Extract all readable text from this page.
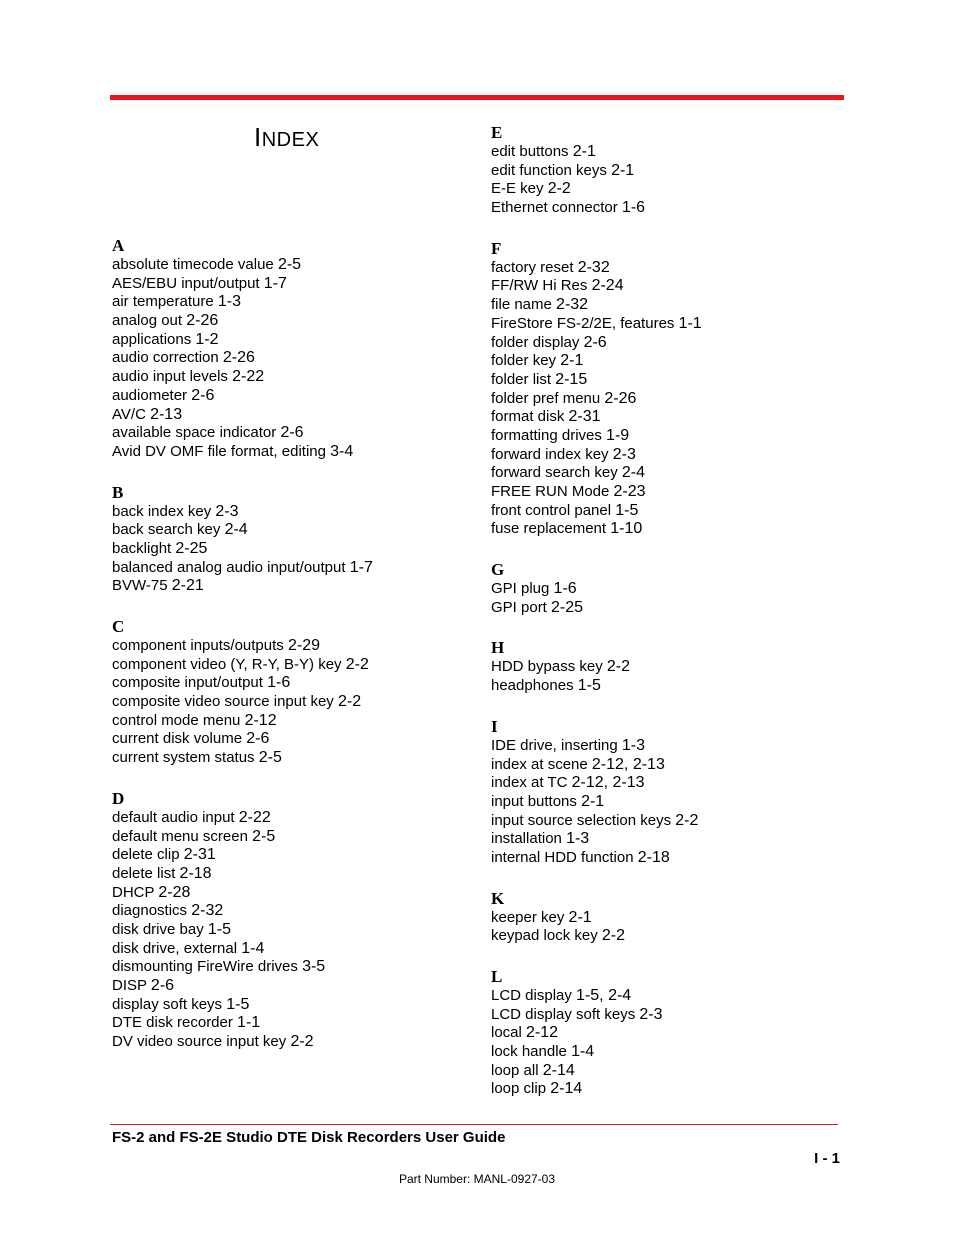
INDEX
A
absolute timecode value 2-5
AES/EBU input/output 1-7
air temperature 1-3
analog out 2-26
applications 1-2
audio correction 2-26
audio input levels 2-22
audiometer 2-6
AV/C 2-13
available space indicator 2-6
Avid DV OMF file format, editing 3-4
B
back index key 2-3
back search key 2-4
backlight 2-25
balanced analog audio input/output 1-7
BVW-75 2-21
C
component inputs/outputs 2-29
component video (Y, R-Y, B-Y) key 2-2
composite input/output 1-6
composite video source input key 2-2
control mode menu 2-12
current disk volume 2-6
current system status 2-5
D
default audio input 2-22
default menu screen 2-5
delete clip 2-31
delete list 2-18
DHCP 2-28
diagnostics 2-32
disk drive bay 1-5
disk drive, external 1-4
dismounting FireWire drives 3-5
DISP 2-6
display soft keys 1-5
DTE disk recorder 1-1
DV video source input key 2-2
E
edit buttons 2-1
edit function keys 2-1
E-E key 2-2
Ethernet connector 1-6
F
factory reset 2-32
FF/RW Hi Res 2-24
file name 2-32
FireStore FS-2/2E, features 1-1
folder display 2-6
folder key 2-1
folder list 2-15
folder pref menu 2-26
format disk 2-31
formatting drives 1-9
forward index key 2-3
forward search key 2-4
FREE RUN Mode 2-23
front control panel 1-5
fuse replacement 1-10
G
GPI plug 1-6
GPI port 2-25
H
HDD bypass key 2-2
headphones 1-5
I
IDE drive, inserting 1-3
index at scene 2-12, 2-13
index at TC 2-12, 2-13
input buttons 2-1
input source selection keys 2-2
installation 1-3
internal HDD function 2-18
K
keeper key 2-1
keypad lock key 2-2
L
LCD display 1-5, 2-4
LCD display soft keys 2-3
local 2-12
lock handle 1-4
loop all 2-14
loop clip 2-14
FS-2 and FS-2E Studio DTE Disk Recorders User Guide
I - 1
Part Number: MANL-0927-03
